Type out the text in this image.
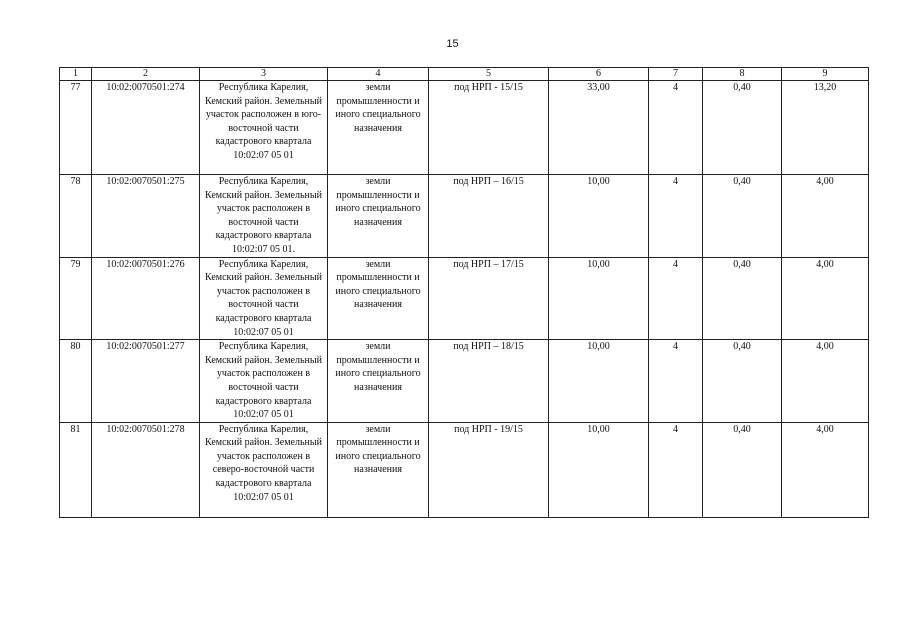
15
1	2	3	4	5	6	7	8	9
77	10:02:0070501:274	Республика Карелия, Кемский район. Земельный участок расположен в юго-восточной части кадастрового квартала 10:02:07 05 01	земли промышленности и иного специального назначения	под НРП - 15/15	33,00	4	0,40	13,20
78	10:02:0070501:275	Республика Карелия, Кемский район. Земельный участок расположен в восточной части кадастрового квартала 10:02:07 05 01.	земли промышленности и иного специального назначения	под НРП – 16/15	10,00	4	0,40	4,00
79	10:02:0070501:276	Республика Карелия, Кемский район. Земельный участок расположен в восточной части кадастрового квартала 10:02:07 05 01	земли промышленности и иного специального назначения	под НРП – 17/15	10,00	4	0,40	4,00
80	10:02:0070501:277	Республика Карелия, Кемский район. Земельный участок расположен в восточной части кадастрового квартала 10:02:07 05 01	земли промышленности и иного специального назначения	под НРП – 18/15	10,00	4	0,40	4,00
81	10:02:0070501:278	Республика Карелия, Кемский район. Земельный участок расположен в северо-восточной части кадастрового квартала 10:02:07 05 01	земли промышленности и иного специального назначения	под НРП - 19/15	10,00	4	0,40	4,00
